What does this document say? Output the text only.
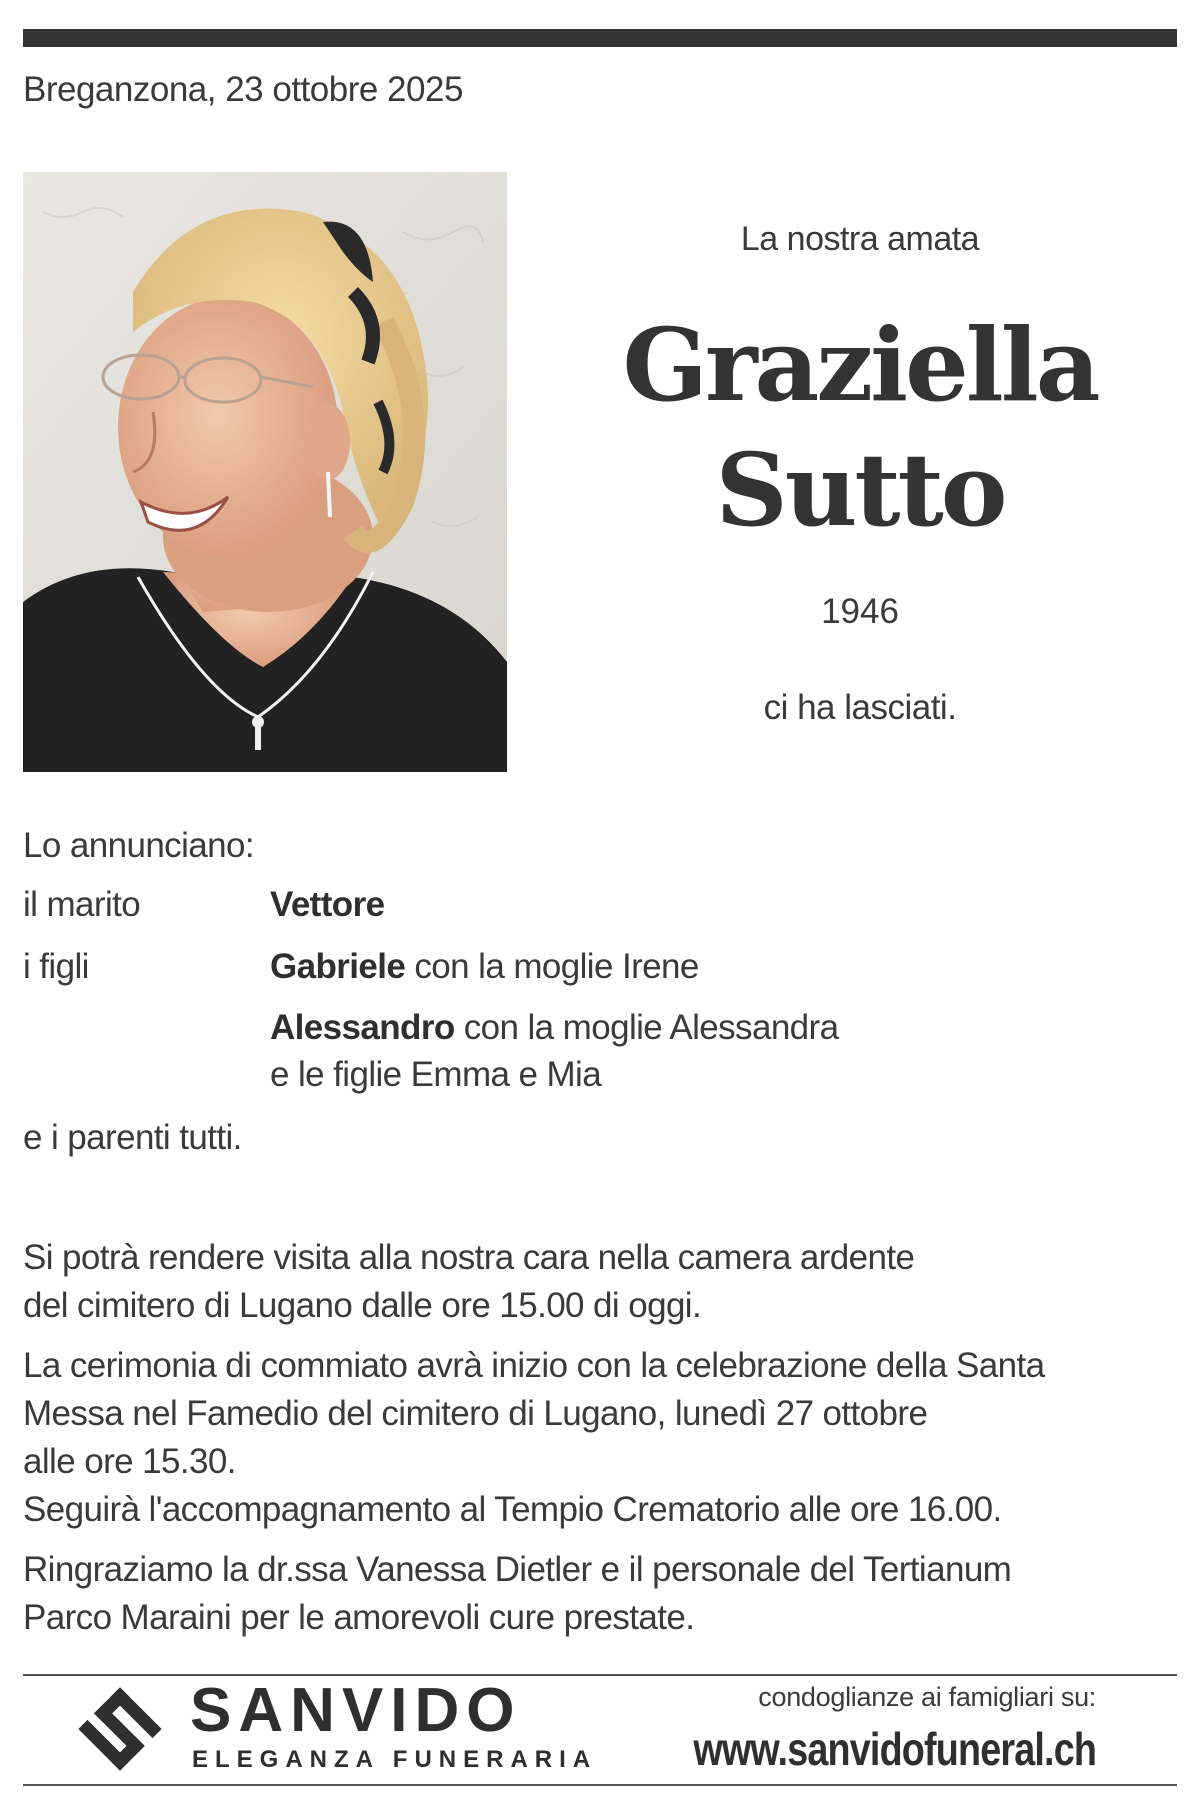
Breganzona, 23 ottobre 2025
La nostra amata
Graziella
Sutto
1946
ci ha lasciati.
Lo annunciano:
il marito	Vettore
i figli	Gabriele con la moglie Irene
Alessandro con la moglie Alessandra
e le figlie Emma e Mia
e i parenti tutti.
Si potrà rendere visita alla nostra cara nella camera ardente
del cimitero di Lugano dalle ore 15.00 di oggi.
La cerimonia di commiato avrà inizio con la celebrazione della Santa
Messa nel Famedio del cimitero di Lugano, lunedì 27 ottobre
alle ore 15.30.
Seguirà l'accompagnamento al Tempio Crematorio alle ore 16.00.
Ringraziamo la dr.ssa Vanessa Dietler e il personale del Tertianum
Parco Maraini per le amorevoli cure prestate.
SANVIDO
ELEGANZA FUNERARIA
condoglianze ai famigliari su:
www.sanvidofuneral.ch
